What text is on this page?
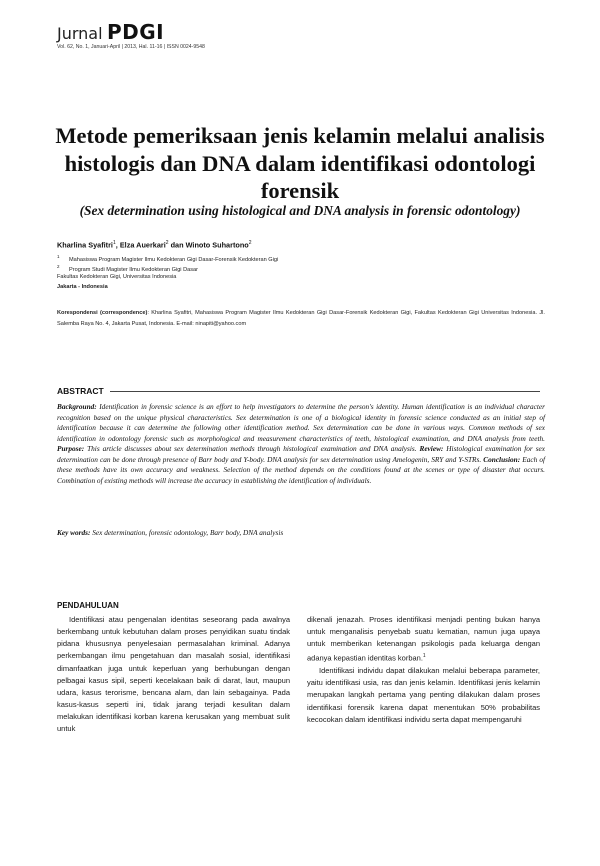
Jurnal PDGI
Vol. 62, No. 1, Januari-April | 2013, Hal. 11-16 | ISSN 0024-9548
Metode pemeriksaan jenis kelamin melalui analisis histologis dan DNA dalam identifikasi odontologi forensik
(Sex determination using histological and DNA analysis in forensic odontology)
Kharlina Syafitri$^1$, Elza Auerkari$^2$ dan Winoto Suhartono$^2$
$^1$Mahasiswa Program Magister Ilmu Kedokteran Gigi Dasar-Forensik Kedokteran Gigi
$^2$Program Studi Magister Ilmu Kedokteran Gigi Dasar
Fakultas Kedokteran Gigi, Universitas Indonesia
Jakarta - Indonesia
Korespondensi (correspondence): Kharlina Syafitri, Mahasiswa Program Magister Ilmu Kedokteran Gigi Dasar-Forensik Kedokteran Gigi, Fakultas Kedokteran Gigi Universitas Indonesia. Jl. Salemba Raya No. 4, Jakarta Pusat, Indonesia. E-mail: ninapiti@yahoo.com
ABSTRACT
Background: Identification in forensic science is an effort to help investigators to determine the person's identity. Human identification is an individual character recognition based on the unique physical characteristics. Sex determination is one of a biological identity in forensic science conducted as an initial step of identification because it can determine the following other identification method. Sex determination can be done in various ways. Common methods of sex identification in odontology forensic such as morphological and measurement characteristics of teeth, histological examination, and DNA analysis from teeth. Purpose: This article discusses about sex determination methods through histological examination and DNA analysis. Review: Histological examination for sex determination can be done through presence of Barr body and Y-body. DNA analysis for sex determination using Amelogenin, SRY and Y-STRs. Conclusion: Each of these methods have its own accuracy and weakness. Selection of the method depends on the conditions found at the scenes or type of disaster that occurs. Combination of existing methods will increase the accuracy in establishing the identification of individuals.
Key words: Sex determination, forensic odontology, Barr body, DNA analysis
PENDAHULUAN

Identifikasi atau pengenalan identitas seseorang pada awalnya berkembang untuk kebutuhan dalam proses penyidikan suatu tindak pidana khususnya penyelesaian permasalahan kriminal. Adanya perkembangan ilmu pengetahuan dan masalah sosial, identifikasi dimanfaatkan juga untuk keperluan yang berhubungan dengan pelbagai kasus sipil, seperti kecelakaan baik di darat, laut, maupun udara, kasus terorisme, bencana alam, dan lain sebagainya. Pada kasus-kasus seperti ini, tidak jarang terjadi kesulitan dalam melakukan identifikasi korban karena kerusakan yang membuat sulit untuk

dikenali jenazah. Proses identifikasi menjadi penting bukan hanya untuk menganalisis penyebab suatu kematian, namun juga upaya untuk memberikan ketenangan psikologis pada keluarga dengan adanya kepastian identitas korban.$^1$

Identifikasi individu dapat dilakukan melalui beberapa parameter, yaitu identifikasi usia, ras dan jenis kelamin. Identifikasi jenis kelamin merupakan langkah pertama yang penting dilakukan dalam proses identifikasi forensik karena dapat menentukan 50% probabilitas kecocokan dalam identifikasi individu serta dapat mempengaruhi
